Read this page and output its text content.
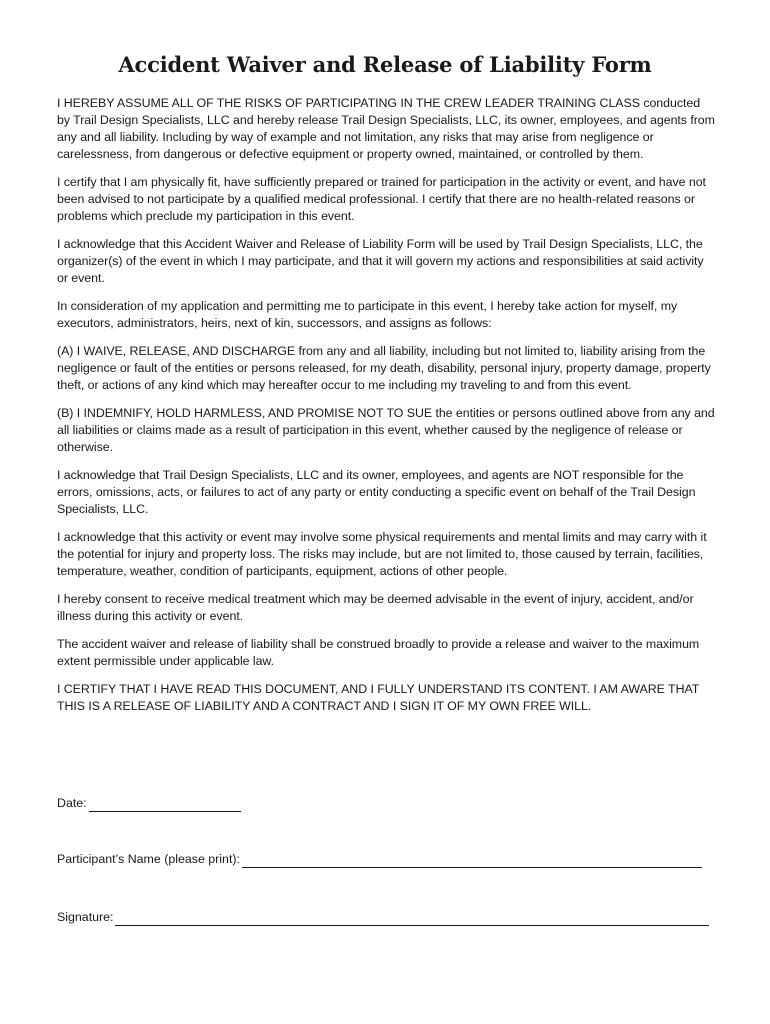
Accident Waiver and Release of Liability Form

I HEREBY ASSUME ALL OF THE RISKS OF PARTICIPATING IN THE CREW LEADER TRAINING CLASS conducted by Trail Design Specialists, LLC and hereby release Trail Design Specialists, LLC, its owner, employees, and agents from any and all liability. Including by way of example and not limitation, any risks that may arise from negligence or carelessness, from dangerous or defective equipment or property owned, maintained, or controlled by them.

I certify that I am physically fit, have sufficiently prepared or trained for participation in the activity or event, and have not been advised to not participate by a qualified medical professional. I certify that there are no health-related reasons or problems which preclude my participation in this event.

I acknowledge that this Accident Waiver and Release of Liability Form will be used by Trail Design Specialists, LLC, the organizer(s) of the event in which I may participate, and that it will govern my actions and responsibilities at said activity or event.

In consideration of my application and permitting me to participate in this event, I hereby take action for myself, my executors, administrators, heirs, next of kin, successors, and assigns as follows:

(A) I WAIVE, RELEASE, AND DISCHARGE from any and all liability, including but not limited to, liability arising from the negligence or fault of the entities or persons released, for my death, disability, personal injury, property damage, property theft, or actions of any kind which may hereafter occur to me including my traveling to and from this event.

(B) I INDEMNIFY, HOLD HARMLESS, AND PROMISE NOT TO SUE the entities or persons outlined above from any and all liabilities or claims made as a result of participation in this event, whether caused by the negligence of release or otherwise.

I acknowledge that Trail Design Specialists, LLC and its owner, employees, and agents are NOT responsible for the errors, omissions, acts, or failures to act of any party or entity conducting a specific event on behalf of the Trail Design Specialists, LLC.

I acknowledge that this activity or event may involve some physical requirements and mental limits and may carry with it the potential for injury and property loss. The risks may include, but are not limited to, those caused by terrain, facilities, temperature, weather, condition of participants, equipment, actions of other people.

I hereby consent to receive medical treatment which may be deemed advisable in the event of injury, accident, and/or illness during this activity or event.

The accident waiver and release of liability shall be construed broadly to provide a release and waiver to the maximum extent permissible under applicable law.

I CERTIFY THAT I HAVE READ THIS DOCUMENT, AND I FULLY UNDERSTAND ITS CONTENT. I AM AWARE THAT THIS IS A RELEASE OF LIABILITY AND A CONTRACT AND I SIGN IT OF MY OWN FREE WILL.

Date:
Participant’s Name (please print):
Signature:
